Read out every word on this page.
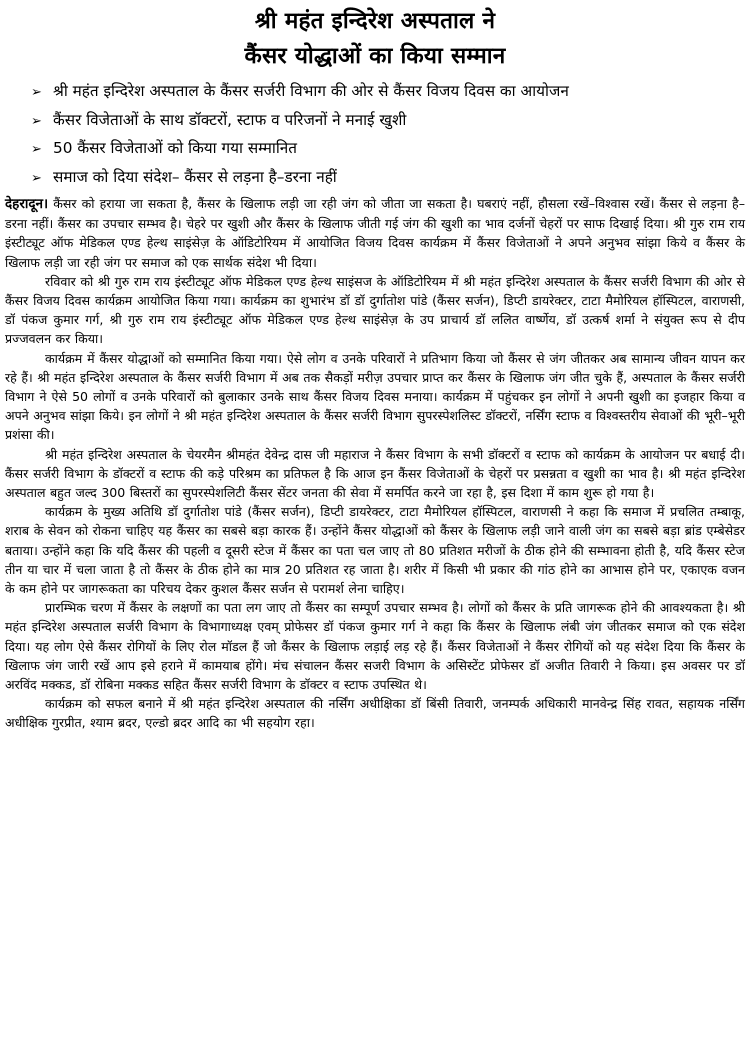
श्री महंत इन्दिरेश अस्पताल ने
कैंसर योद्धाओं का किया सम्मान
➢ श्री महंत इन्दिरेश अस्पताल के कैंसर सर्जरी विभाग की ओर से कैंसर विजय दिवस का आयोजन
➢ कैंसर विजेताओं के साथ डॉक्टरों, स्टाफ व परिजनों ने मनाई खुशी
➢ 50 कैंसर विजेताओं को किया गया सम्मानित
➢ समाज को दिया संदेश– कैंसर से लड़ना है–डरना नहीं

देहरादून। कैंसर को हराया जा सकता है, कैंसर के खिलाफ लड़ी जा रही जंग को जीता जा सकता है। घबराएं नहीं, हौसला रखें–विश्वास रखें। कैंसर से लड़ना है–डरना नहीं। कैंसर का उपचार सम्भव है। चेहरे पर खुशी और कैंसर के खिलाफ जीती गई जंग की खुशी का भाव दर्जनों चेहरों पर साफ दिखाई दिया। श्री गुरु राम राय इंस्टीट्यूट ऑफ मेडिकल एण्ड हेल्थ साइंसेज़ के ऑडिटोरियम में आयोजित विजय दिवस कार्यक्रम में कैंसर विजेताओं ने अपने अनुभव सांझा किये व कैंसर के खिलाफ लड़ी जा रही जंग पर समाज को एक सार्थक संदेश भी दिया।

रविवार को श्री गुरु राम राय इंस्टीट्यूट ऑफ मेडिकल एण्ड हेल्थ साइंसज के ऑडिटोरियम में श्री महंत इन्दिरेश अस्पताल के कैंसर सर्जरी विभाग की ओर से कैंसर विजय दिवस कार्यक्रम आयोजित किया गया। कार्यक्रम का शुभारंभ डॉ डॉ दुर्गातोश पांडे (कैंसर सर्जन), डिप्टी डायरेक्टर, टाटा मैमोरियल हॉस्पिटल, वाराणसी, डॉ पंकज कुमार गर्ग, श्री गुरु राम राय इंस्टीट्यूट ऑफ मेडिकल एण्ड हेल्थ साइंसेज़ के उप प्राचार्य डॉ ललित वार्ष्णेय, डॉ उत्कर्ष शर्मा ने संयुक्त रूप से दीप प्रज्जवलन कर किया।

कार्यक्रम में कैंसर योद्धाओं को सम्मानित किया गया। ऐसे लोग व उनके परिवारों ने प्रतिभाग किया जो कैंसर से जंग जीतकर अब सामान्य जीवन यापन कर रहे हैं। श्री महंत इन्दिरेश अस्पताल के कैंसर सर्जरी विभाग में अब तक सैकड़ों मरीज़ उपचार प्राप्त कर कैंसर के खिलाफ जंग जीत चुके हैं, अस्पताल के कैंसर सर्जरी विभाग ने ऐसे 50 लोगों व उनके परिवारों को बुलाकार उनके साथ कैंसर विजय दिवस मनाया। कार्यक्रम में पहुंचकर इन लोगों ने अपनी खुशी का इजहार किया व अपने अनुभव सांझा किये। इन लोगों ने श्री महंत इन्दिरेश अस्पताल के कैंसर सर्जरी विभाग सुपरस्पेशलिस्ट डॉक्टरों, नर्सिंग स्टाफ व विश्वस्तरीय सेवाओं की भूरी–भूरी प्रशंसा की।

श्री महंत इन्दिरेश अस्पताल के चेयरमैन श्रीमहंत देवेन्द्र दास जी महाराज ने कैंसर विभाग के सभी डॉक्टरों व स्टाफ को कार्यक्रम के आयोजन पर बधाई दी। कैंसर सर्जरी विभाग के डॉक्टरों व स्टाफ की कड़े परिश्रम का प्रतिफल है कि आज इन कैंसर विजेताओं के चेहरों पर प्रसन्नता व खुशी का भाव है। श्री महंत इन्दिरेश अस्पताल बहुत जल्द 300 बिस्तरों का सुपरस्पेशलिटी कैंसर सेंटर जनता की सेवा में समर्पित करने जा रहा है, इस दिशा में काम शुरू हो गया है।

कार्यक्रम के मुख्य अतिथि डॉ दुर्गातोश पांडे (कैंसर सर्जन), डिप्टी डायरेक्टर, टाटा मैमोरियल हॉस्पिटल, वाराणसी ने कहा कि समाज में प्रचलित तम्बाकू, शराब के सेवन को रोकना चाहिए यह कैंसर का सबसे बड़ा कारक हैं। उन्होंने कैंसर योद्धाओं को कैंसर के खिलाफ लड़ी जाने वाली जंग का सबसे बड़ा ब्रांड एम्बेसेडर बताया। उन्होंने कहा कि यदि कैंसर की पहली व दूसरी स्टेज में कैंसर का पता चल जाए तो 80 प्रतिशत मरीजों के ठीक होने की सम्भावना होती है, यदि कैंसर स्टेज तीन या चार में चला जाता है तो कैंसर के ठीक होने का मात्र 20 प्रतिशत रह जाता है। शरीर में किसी भी प्रकार की गांठ होने का आभास होने पर, एकाएक वजन के कम होने पर जागरूकता का परिचय देकर कुशल कैंसर सर्जन से परामर्श लेना चाहिए।

प्रारम्भिक चरण में कैंसर के लक्षणों का पता लग जाए तो कैंसर का सम्पूर्ण उपचार सम्भव है। लोगों को कैंसर के प्रति जागरूक होने की आवश्यकता है। श्री महंत इन्दिरेश अस्पताल सर्जरी विभाग के विभागाध्यक्ष एवम् प्रोफेसर डॉ पंकज कुमार गर्ग ने कहा कि कैंसर के खिलाफ लंबी जंग जीतकर समाज को एक संदेश दिया। यह लोग ऐसे कैंसर रोगियों के लिए रोल मॉडल हैं जो कैंसर के खिलाफ लड़ाई लड़ रहे हैं। कैंसर विजेताओं ने कैंसर रोगियों को यह संदेश दिया कि कैंसर के खिलाफ जंग जारी रखें आप इसे हराने में कामयाब होंगे। मंच संचालन कैंसर सजरी विभाग के असिस्टेंट प्रोफेसर डॉ अजीत तिवारी ने किया। इस अवसर पर डॉ अरविंद मक्कड, डॉ रोबिना मक्कड सहित कैंसर सर्जरी विभाग के डॉक्टर व स्टाफ उपस्थित थे।

कार्यक्रम को सफल बनाने में श्री महंत इन्दिरेश अस्पताल की नर्सिंग अधीक्षिका डॉ बिंसी तिवारी, जनम्पर्क अधिकारी मानवेन्द्र सिंह रावत, सहायक नर्सिंग अधीक्षिक गुरप्रीत, श्याम ब्रदर, एल्डो ब्रदर आदि का भी सहयोग रहा।
